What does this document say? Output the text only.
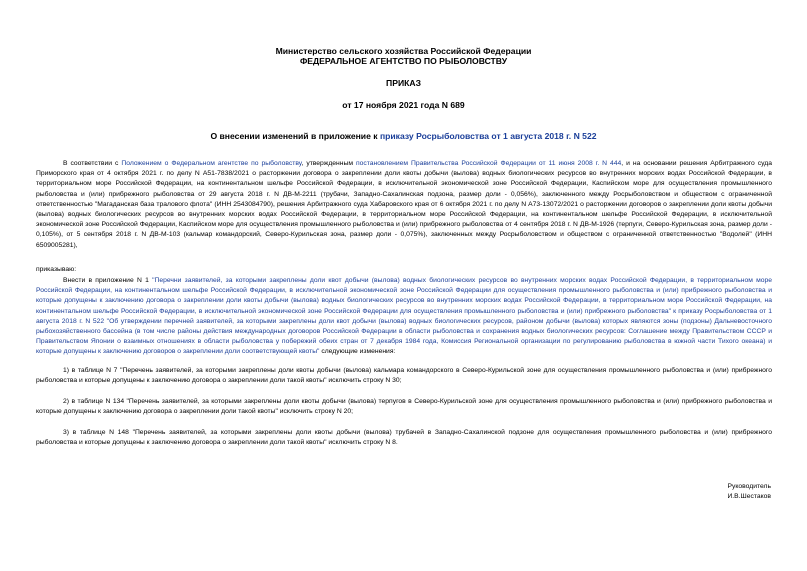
Министерство сельского хозяйства Российской Федерации
ФЕДЕРАЛЬНОЕ АГЕНТСТВО ПО РЫБОЛОВСТВУ
ПРИКАЗ
от 17 ноября 2021 года N 689
О внесении изменений в приложение к приказу Росрыболовства от 1 августа 2018 г. N 522
В соответствии с Положением о Федеральном агентстве по рыболовству, утвержденным постановлением Правительства Российской Федерации от 11 июня 2008 г. N 444, и на основании решения Арбитражного суда Приморского края от 4 октября 2021 г. по делу N А51-7838/2021 о расторжении договора о закреплении доли квоты добычи (вылова) водных биологических ресурсов во внутренних морских водах Российской Федерации, в территориальном море Российской Федерации, на континентальном шельфе Российской Федерации, в исключительной экономической зоне Российской Федерации, Каспийском море для осуществления промышленного рыболовства и (или) прибрежного рыболовства от 29 августа 2018 г. N ДВ-М-2211 (трубачи, Западно-Сахалинская подзона, размер доли - 0,056%), заключенного между Росрыболовством и обществом с ограниченной ответственностью "Магаданская база тралового флота" (ИНН 2543084790), решения Арбитражного суда Хабаровского края от 6 октября 2021 г. по делу N А73-13072/2021 о расторжении договоров о закреплении доли квоты добычи (вылова) водных биологических ресурсов во внутренних морских водах Российской Федерации, в территориальном море Российской Федерации, на континентальном шельфе Российской Федерации, в исключительной экономической зоне Российской Федерации, Каспийском море для осуществления промышленного рыболовства и (или) прибрежного рыболовства от 4 сентября 2018 г. N ДВ-М-1926 (терпуги, Северо-Курильская зона, размер доли - 0,105%), от 5 сентября 2018 г. N ДВ-М-103 (кальмар командорский, Северо-Курильская зона, размер доли - 0,075%), заключенных между Росрыболовством и обществом с ограниченной ответственностью "Водолей" (ИНН 6509005281),
приказываю:
Внести в приложение N 1 "Перечни заявителей, за которыми закреплены доли квот добычи (вылова) водных биологических ресурсов во внутренних морских водах Российской Федерации, в территориальном море Российской Федерации, на континентальном шельфе Российской Федерации, в исключительной экономической зоне Российской Федерации для осуществления промышленного рыболовства и (или) прибрежного рыболовства и которые допущены к заключению договора о закреплении доли квоты добычи (вылова) водных биологических ресурсов во внутренних морских водах Российской Федерации, в территориальном море Российской Федерации, на континентальном шельфе Российской Федерации, в исключительной экономической зоне Российской Федерации для осуществления промышленного рыболовства и (или) прибрежного рыболовства" к приказу Росрыболовства от 1 августа 2018 г. N 522 "Об утверждении перечней заявителей, за которыми закреплены доли квот добычи (вылова) водных биологических ресурсов, районом добычи (вылова) которых являются зоны (подзоны) Дальневосточного рыбохозяйственного бассейна (в том числе районы действия международных договоров Российской Федерации в области рыболовства и сохранения водных биологических ресурсов: Соглашение между Правительством СССР и Правительством Японии о взаимных отношениях в области рыболовства у побережий обеих стран от 7 декабря 1984 года, Комиссия Региональной организации по регулированию рыболовства в южной части Тихого океана) и которые допущены к заключению договоров о закреплении доли соответствующей квоты" следующие изменения:
1) в таблице N 7 "Перечень заявителей, за которыми закреплены доли квоты добычи (вылова) кальмара командорского в Северо-Курильской зоне для осуществления промышленного рыболовства и (или) прибрежного рыболовства и которые допущены к заключению договора о закреплении доли такой квоты" исключить строку N 30;
2) в таблице N 134 "Перечень заявителей, за которыми закреплены доли квоты добычи (вылова) терпугов в Северо-Курильской зоне для осуществления промышленного рыболовства и (или) прибрежного рыболовства и которые допущены к заключению договора о закреплении доли такой квоты" исключить строку N 20;
3) в таблице N 148 "Перечень заявителей, за которыми закреплены доли квоты добычи (вылова) трубачей в Западно-Сахалинской подзоне для осуществления промышленного рыболовства и (или) прибрежного рыболовства и которые допущены к заключению договора о закреплении доли такой квоты" исключить строку N 8.
Руководитель
И.В.Шестаков
